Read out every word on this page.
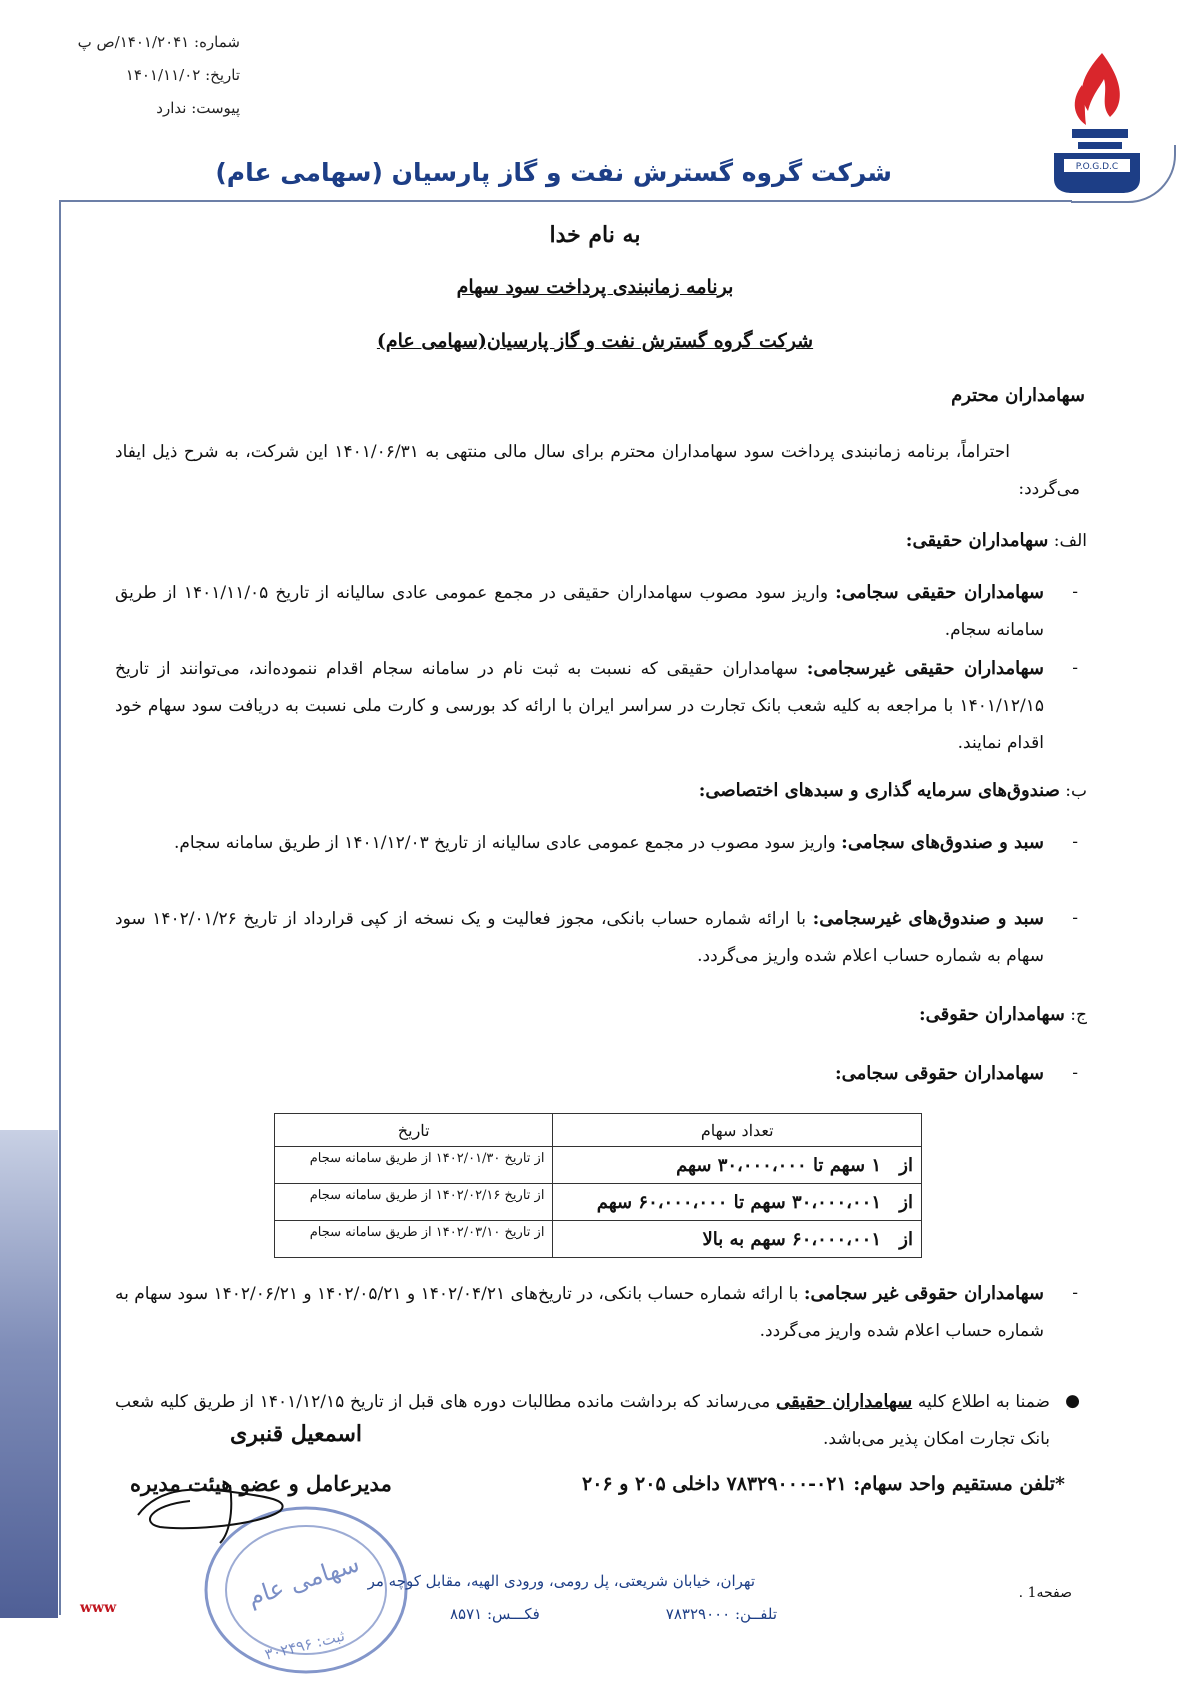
شماره: ۱۴۰۱/۲۰۴۱/ص پ
تاریخ: ۱۴۰۱/۱۱/۰۲
پیوست: ندارد
P.O.G.D.C
شرکت گروه گسترش نفت و گاز پارسیان (سهامی عام)
به نام خدا
برنامه زمانبندی پرداخت سود سهام
شرکت گروه گسترش نفت و گاز پارسیان(سهامی عام)
سهامداران محترم
احتراماً، برنامه زمانبندی پرداخت سود سهامداران محترم برای سال مالی منتهی به ۱۴۰۱/۰۶/۳۱ این شرکت، به شرح ذیل ایفاد می‌گردد:
الف: سهامداران حقیقی:
-
سهامداران حقیقی سجامی: واریز سود مصوب سهامداران حقیقی در مجمع عمومی عادی سالیانه از تاریخ ۱۴۰۱/۱۱/۰۵ از طریق سامانه سجام.
-
سهامداران حقیقی غیرسجامی: سهامداران حقیقی که نسبت به ثبت نام در سامانه سجام اقدام ننموده‌اند، می‌توانند از تاریخ ۱۴۰۱/۱۲/۱۵ با مراجعه به کلیه شعب بانک تجارت در سراسر ایران با ارائه کد بورسی و کارت ملی نسبت به دریافت سود سهام خود اقدام نمایند.
ب: صندوق‌های سرمایه گذاری و سبدهای اختصاصی:
-
سبد و صندوق‌های سجامی: واریز سود مصوب در مجمع عمومی عادی سالیانه از تاریخ ۱۴۰۱/۱۲/۰۳ از طریق سامانه سجام.
-
سبد و صندوق‌های غیرسجامی: با ارائه شماره حساب بانکی، مجوز فعالیت و یک نسخه از کپی قرارداد از تاریخ ۱۴۰۲/۰۱/۲۶ سود سهام به شماره حساب اعلام شده واریز می‌گردد.
ج: سهامداران حقوقی:
-
سهامداران حقوقی سجامی:
تعداد سهام	تاریخ
از۱ سهم تا ۳۰،۰۰۰،۰۰۰ سهم	از تاریخ ۱۴۰۲/۰۱/۳۰ از طریق سامانه سجام
از۳۰،۰۰۰،۰۰۱ سهم تا ۶۰،۰۰۰،۰۰۰ سهم	از تاریخ ۱۴۰۲/۰۲/۱۶ از طریق سامانه سجام
از۶۰،۰۰۰،۰۰۱ سهم به بالا	از تاریخ ۱۴۰۲/۰۳/۱۰ از طریق سامانه سجام
-
سهامداران حقوقی غیر سجامی: با ارائه شماره حساب بانکی، در تاریخ‌های ۱۴۰۲/۰۴/۲۱ و ۱۴۰۲/۰۵/۲۱ و ۱۴۰۲/۰۶/۲۱ سود سهام به شماره حساب اعلام شده واریز می‌گردد.
●
ضمنا به اطلاع کلیه سهامداران حقیقی می‌رساند که برداشت مانده مطالبات دوره های قبل از تاریخ ۱۴۰۱/۱۲/۱۵ از طریق کلیه شعب بانک تجارت امکان پذیر می‌باشد.
اسمعیل قنبری
مدیرعامل و عضو هیئت مدیره	*تلفن مستقیم واحد سهام: ۰۲۱-۷۸۳۲۹۰۰۰ داخلی ۲۰۵ و ۲۰۶
سهامی عام
ثبت: ۳۰۲۴۹۶
تهران، خیابان شریعتی، پل رومی، ورودی الهیه، مقابل کوچه مر
تلفــن: ۷۸۳۲۹۰۰۰
فکـــس: ۸۵۷۱
صفحه1 .
www
